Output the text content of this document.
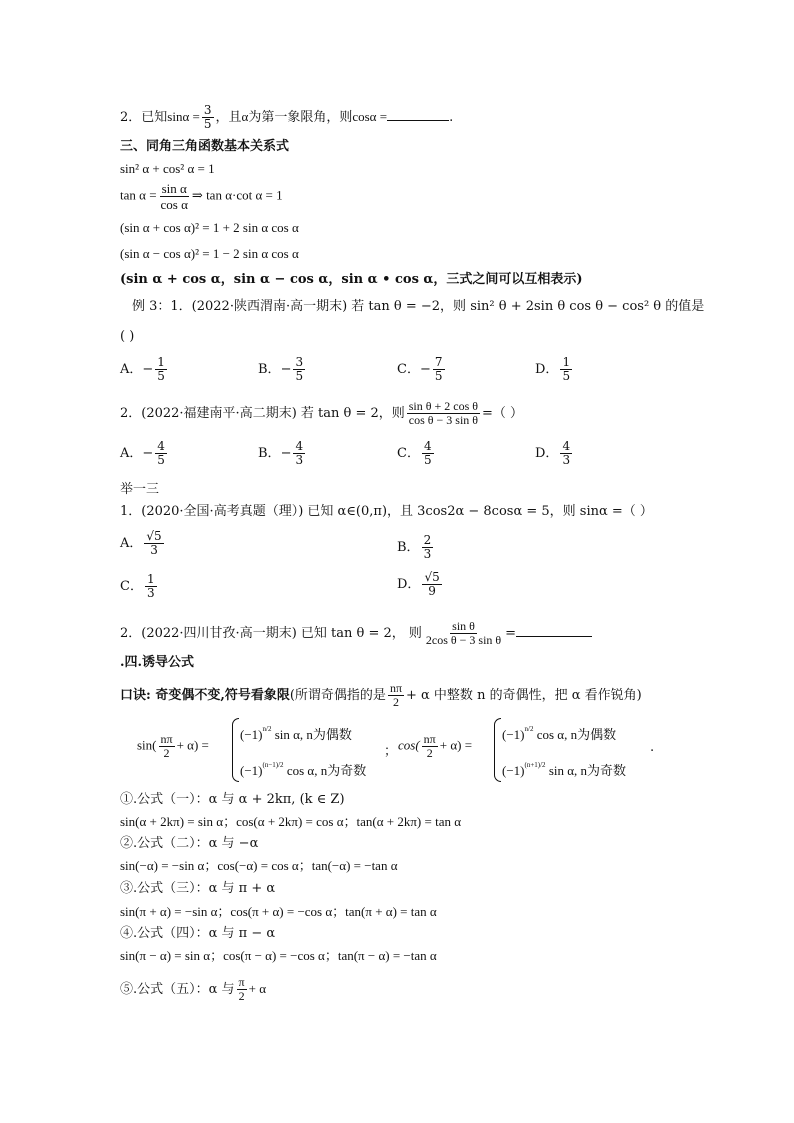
2．已知$\sin\alpha = \frac{3}{5}$ ，且α为第一象限角，则cosα =	.
三、同角三角函数基本关系式
sin² α + cos² α = 1
$\tan \alpha = \frac{\text{sin α}}{\text{cos α}}$ ⇒ tan α·cot α = 1
(sin α + cos α)² = 1 + 2 sin α cos α
(sin α − cos α)² = 1 − 2 sin α cos α
(sin α + cos α，sin α − cos α，sin α • cos α，三式之间可以互相表示)
例 3：1．(2022·陕西渭南·高一期末) 若 tan θ = −2，则 sin² θ + 2sin θ cos θ − cos² θ 的值是
( )
A．− $\frac{1}{5}$	B．− $\frac{3}{5}$	C．− $\frac{7}{5}$	D． $\frac{1}{5}$
2．(2022·福建南平·高二期末) 若 tan θ = 2，则 $\frac{\text{sin θ + 2 cos θ}}{\text{cos θ − 3 sin θ}}$ =（ ）
A．− $\frac{4}{5}$	B．− $\frac{4}{3}$	C． $\frac{4}{5}$	D． $\frac{4}{3}$
举一三
1．(2020·全国·高考真题（理）) 已知 α∈(0,π)，且 3cos2α − 8cosα = 5，则 sinα =（ ）
A． $\frac{√5}{3}$	B． $\frac{2}{3}$
C． $\frac{1}{3}$	D． $\frac{√5}{9}$
2．(2022·四川甘孜·高一期末) 已知 tan θ = 2， 则 $\frac{\text{sin θ}}{\text{2cos θ − 3 sin θ}}$ =
.四.诱导公式
口诀: 奇变偶不变,符号看象限(所谓奇偶指的是 $\frac{n\pi}{2} + \alpha$ 中整数 n 的奇偶性，把 α 看作锐角)
$\sin( \frac{n\pi}{2} + \alpha)$ =
$(-1)^{n/2}$ sin α, n为偶数
$(-1)^{(n-1)/2}$ cos α, n为奇数
； $\cos( \frac{n\pi}{2} + \alpha)$ =
$(-1)^{n/2}$ cos α, n为偶数
$(-1)^{(n+1)/2}$ sin α, n为奇数
.
①.公式（一）：α 与 α + 2kπ, (k ∈ Z)
sin(α + 2kπ) = sin α；cos(α + 2kπ) = cos α；tan(α + 2kπ) = tan α
②.公式（二）：α 与 −α
sin(−α) = −sin α；cos(−α) = cos α；tan(−α) = −tan α
③.公式（三）：α 与 π + α
sin(π + α) = −sin α；cos(π + α) = −cos α；tan(π + α) = tan α
④.公式（四）：α 与 π − α
sin(π − α) = sin α；cos(π − α) = −cos α；tan(π − α) = −tan α
⑤.公式（五）：α 与 $\frac{\pi}{2} + \alpha$
